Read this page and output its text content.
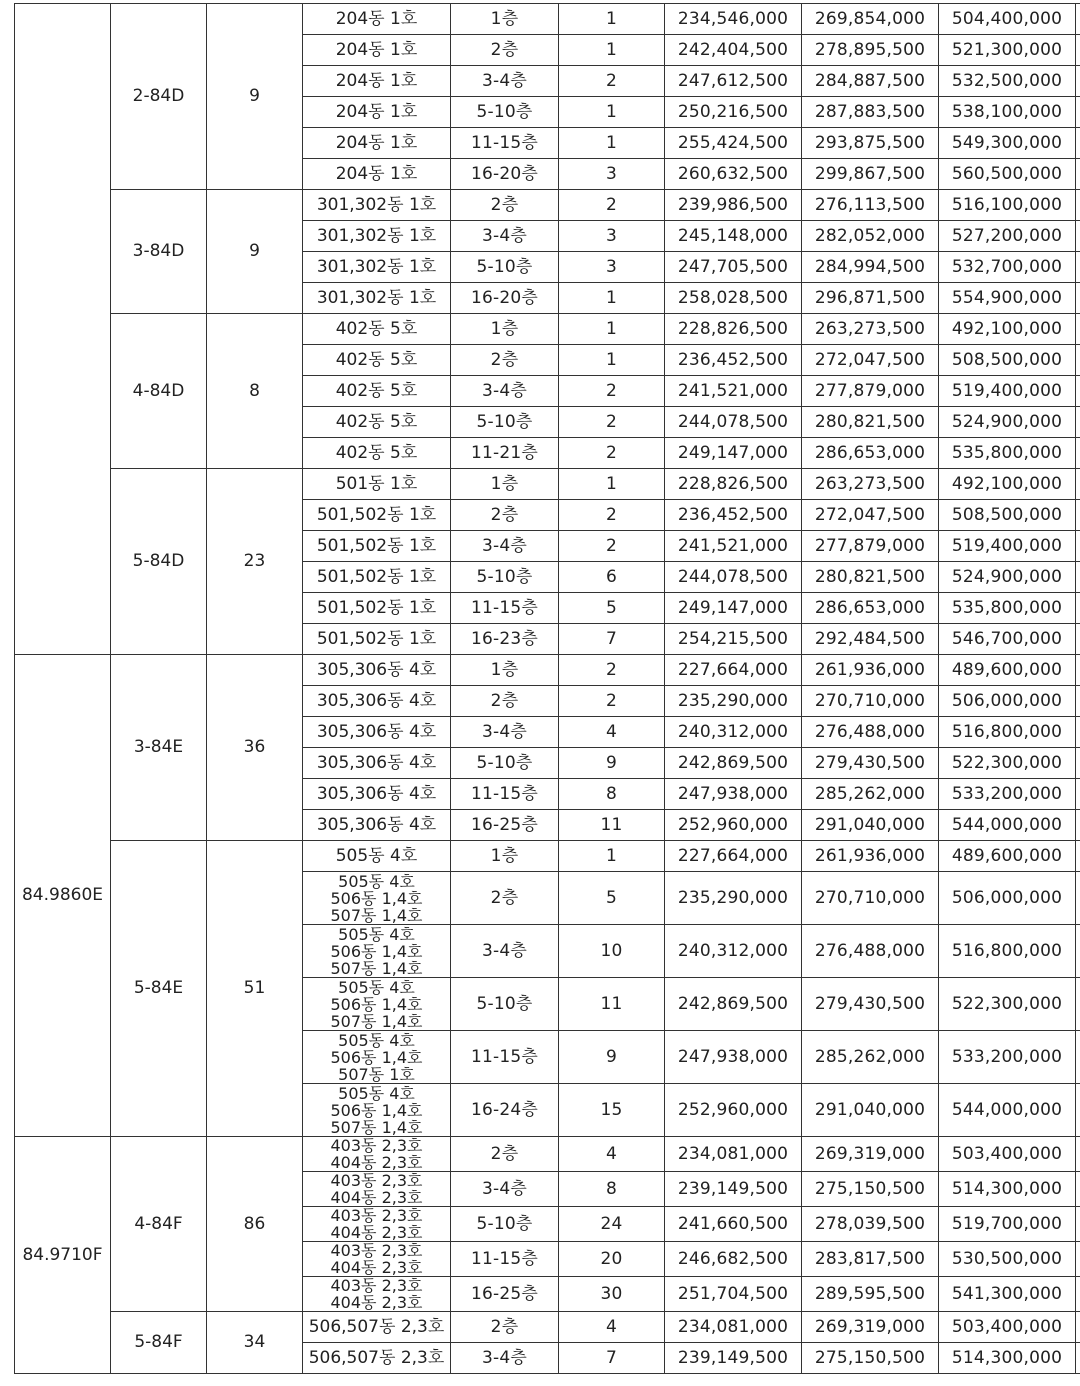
	2-84D	9	204동 1호	1층	1	234,546,000	269,854,000	504,400,000	

			204동 1호	2층	1	242,404,500	278,895,500	521,300,000	

			204동 1호	3-4층	2	247,612,500	284,887,500	532,500,000	

			204동 1호	5-10층	1	250,216,500	287,883,500	538,100,000	

			204동 1호	11-15층	1	255,424,500	293,875,500	549,300,000	

			204동 1호	16-20층	3	260,632,500	299,867,500	560,500,000	
	3-84D	9	301,302동 1호	2층	2	239,986,500	276,113,500	516,100,000	

			301,302동 1호	3-4층	3	245,148,000	282,052,000	527,200,000	

			301,302동 1호	5-10층	3	247,705,500	284,994,500	532,700,000	

			301,302동 1호	16-20층	1	258,028,500	296,871,500	554,900,000	
	4-84D	8	402동 5호	1층	1	228,826,500	263,273,500	492,100,000	

			402동 5호	2층	1	236,452,500	272,047,500	508,500,000	

			402동 5호	3-4층	2	241,521,000	277,879,000	519,400,000	

			402동 5호	5-10층	2	244,078,500	280,821,500	524,900,000	

			402동 5호	11-21층	2	249,147,000	286,653,000	535,800,000	
	5-84D	23	501동 1호	1층	1	228,826,500	263,273,500	492,100,000	

			501,502동 1호	2층	2	236,452,500	272,047,500	508,500,000	

			501,502동 1호	3-4층	2	241,521,000	277,879,000	519,400,000	

			501,502동 1호	5-10층	6	244,078,500	280,821,500	524,900,000	

			501,502동 1호	11-15층	5	249,147,000	286,653,000	535,800,000	

			501,502동 1호	16-23층	7	254,215,500	292,484,500	546,700,000	
84.9860E	3-84E	36	305,306동 4호	1층	2	227,664,000	261,936,000	489,600,000	

			305,306동 4호	2층	2	235,290,000	270,710,000	506,000,000	

			305,306동 4호	3-4층	4	240,312,000	276,488,000	516,800,000	

			305,306동 4호	5-10층	9	242,869,500	279,430,500	522,300,000	

			305,306동 4호	11-15층	8	247,938,000	285,262,000	533,200,000	

			305,306동 4호	16-25층	11	252,960,000	291,040,000	544,000,000	
	5-84E	51	505동 4호	1층	1	227,664,000	261,936,000	489,600,000	

			505동 4호
506동 1,4호
507동 1,4호	2층	5	235,290,000	270,710,000	506,000,000	

			505동 4호
506동 1,4호
507동 1,4호	3-4층	10	240,312,000	276,488,000	516,800,000	

			505동 4호
506동 1,4호
507동 1,4호	5-10층	11	242,869,500	279,430,500	522,300,000	

			505동 4호
506동 1,4호
507동 1호	11-15층	9	247,938,000	285,262,000	533,200,000	

			505동 4호
506동 1,4호
507동 1,4호	16-24층	15	252,960,000	291,040,000	544,000,000	
84.9710F	4-84F	86	403동 2,3호
404동 2,3호	2층	4	234,081,000	269,319,000	503,400,000	

			403동 2,3호
404동 2,3호	3-4층	8	239,149,500	275,150,500	514,300,000	

			403동 2,3호
404동 2,3호	5-10층	24	241,660,500	278,039,500	519,700,000	

			403동 2,3호
404동 2,3호	11-15층	20	246,682,500	283,817,500	530,500,000	

			403동 2,3호
404동 2,3호	16-25층	30	251,704,500	289,595,500	541,300,000	
	5-84F	34	506,507동 2,3호	2층	4	234,081,000	269,319,000	503,400,000	

			506,507동 2,3호	3-4층	7	239,149,500	275,150,500	514,300,000	
